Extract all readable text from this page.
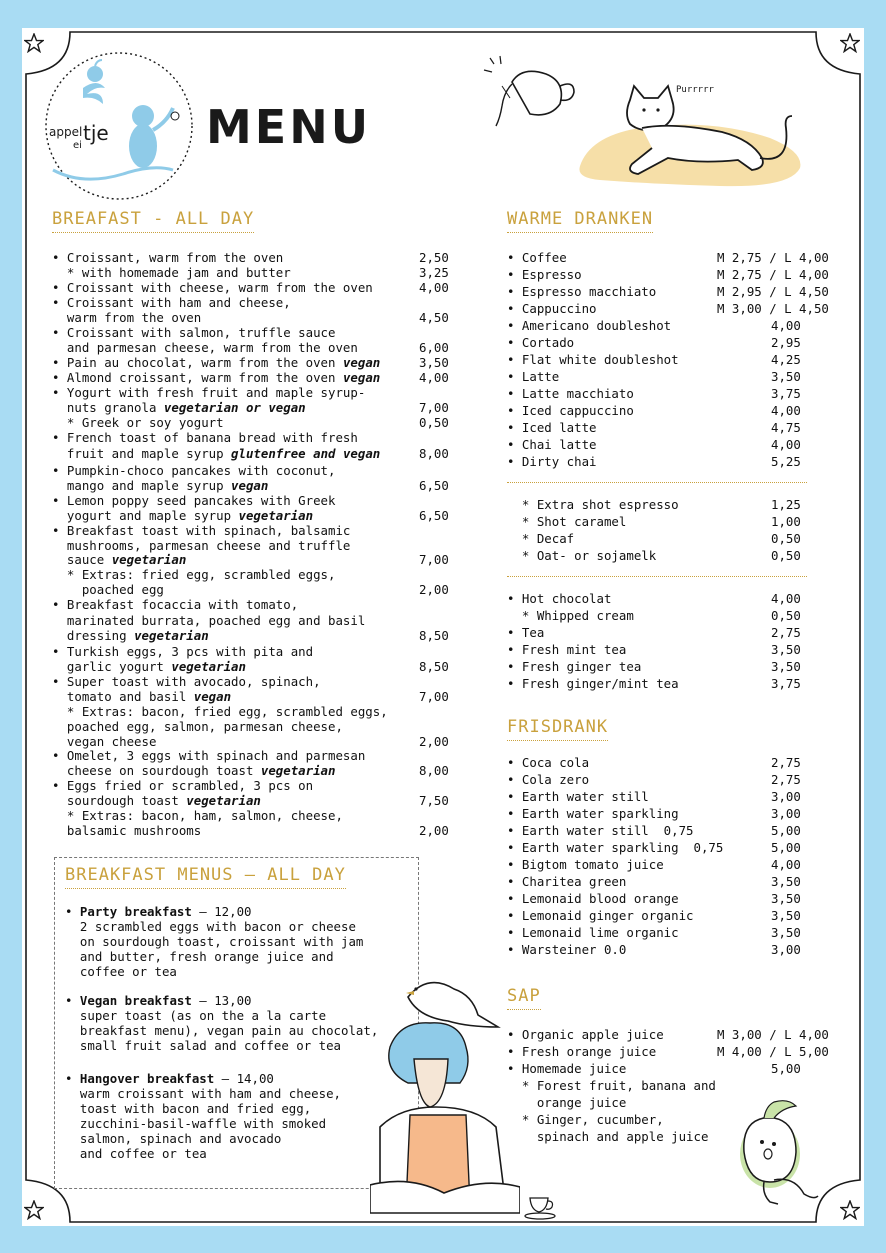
appel tje
ei	MENU
Purrrrr
BREAFAST - ALL DAY
• Croissant, warm from the oven	2,50
* with homemade jam and butter	3,25
• Croissant with cheese, warm from the oven	4,00
• Croissant with ham and cheese,
warm from the oven	4,50
• Croissant with salmon, truffle sauce
and parmesan cheese, warm from the oven	6,00
• Pain au chocolat, warm from the oven vegan	3,50
• Almond croissant, warm from the oven vegan	4,00
• Yogurt with fresh fruit and maple syrup-
nuts granola vegetarian or vegan	7,00
* Greek or soy yogurt	0,50
• French toast of banana bread with fresh
fruit and maple syrup glutenfree and vegan	8,00
• Pumpkin-choco pancakes with coconut,
mango and maple syrup vegan	6,50
• Lemon poppy seed pancakes with Greek
yogurt and maple syrup vegetarian	6,50
• Breakfast toast with spinach, balsamic
mushrooms, parmesan cheese and truffle
sauce vegetarian	7,00
* Extras: fried egg, scrambled eggs,
poached egg	2,00
• Breakfast focaccia with tomato,
marinated burrata, poached egg and basil
dressing vegetarian	8,50
• Turkish eggs, 3 pcs with pita and
garlic yogurt vegetarian	8,50
• Super toast with avocado, spinach,
tomato and basil vegan	7,00
* Extras: bacon, fried egg, scrambled eggs,
poached egg, salmon, parmesan cheese,
vegan cheese	2,00
• Omelet, 3 eggs with spinach and parmesan
cheese on sourdough toast vegetarian	8,00
• Eggs fried or scrambled, 3 pcs on
sourdough toast vegetarian	7,50
* Extras: bacon, ham, salmon, cheese,
balsamic mushrooms	2,00
BREAKFAST MENUS — ALL DAY
• Party breakfast — 12,00
2 scrambled eggs with bacon or cheese
on sourdough toast, croissant with jam
and butter, fresh orange juice and
coffee or tea
• Vegan breakfast — 13,00
super toast (as on the a la carte
breakfast menu), vegan pain au chocolat,
small fruit salad and coffee or tea
• Hangover breakfast — 14,00
warm croissant with ham and cheese,
toast with bacon and fried egg,
zucchini-basil-waffle with smoked
salmon, spinach and avocado
and coffee or tea
WARME DRANKEN
• Coffee	M 2,75 / L 4,00
• Espresso	M 2,75 / L 4,00
• Espresso macchiato	M 2,95 / L 4,50
• Cappuccino	M 3,00 / L 4,50
• Americano doubleshot	4,00
• Cortado	2,95
• Flat white doubleshot	4,25
• Latte	3,50
• Latte macchiato	3,75
• Iced cappuccino	4,00
• Iced latte	4,75
• Chai latte	4,00
• Dirty chai	5,25
* Extra shot espresso	1,25
* Shot caramel	1,00
* Decaf	0,50
* Oat- or sojamelk	0,50
• Hot chocolat	4,00
* Whipped cream	0,50
• Tea	2,75
• Fresh mint tea	3,50
• Fresh ginger tea	3,50
• Fresh ginger/mint tea	3,75
FRISDRANK
• Coca cola	2,75
• Cola zero	2,75
• Earth water still	3,00
• Earth water sparkling	3,00
• Earth water still  0,75	5,00
• Earth water sparkling  0,75	5,00
• Bigtom tomato juice	4,00
• Charitea green	3,50
• Lemonaid blood orange	3,50
• Lemonaid ginger organic	3,50
• Lemonaid lime organic	3,50
• Warsteiner 0.0	3,00
SAP
• Organic apple juice	M 3,00 / L 4,00
• Fresh orange juice	M 4,00 / L 5,00
• Homemade juice	5,00
* Forest fruit, banana and
orange juice
* Ginger, cucumber,
spinach and apple juice
